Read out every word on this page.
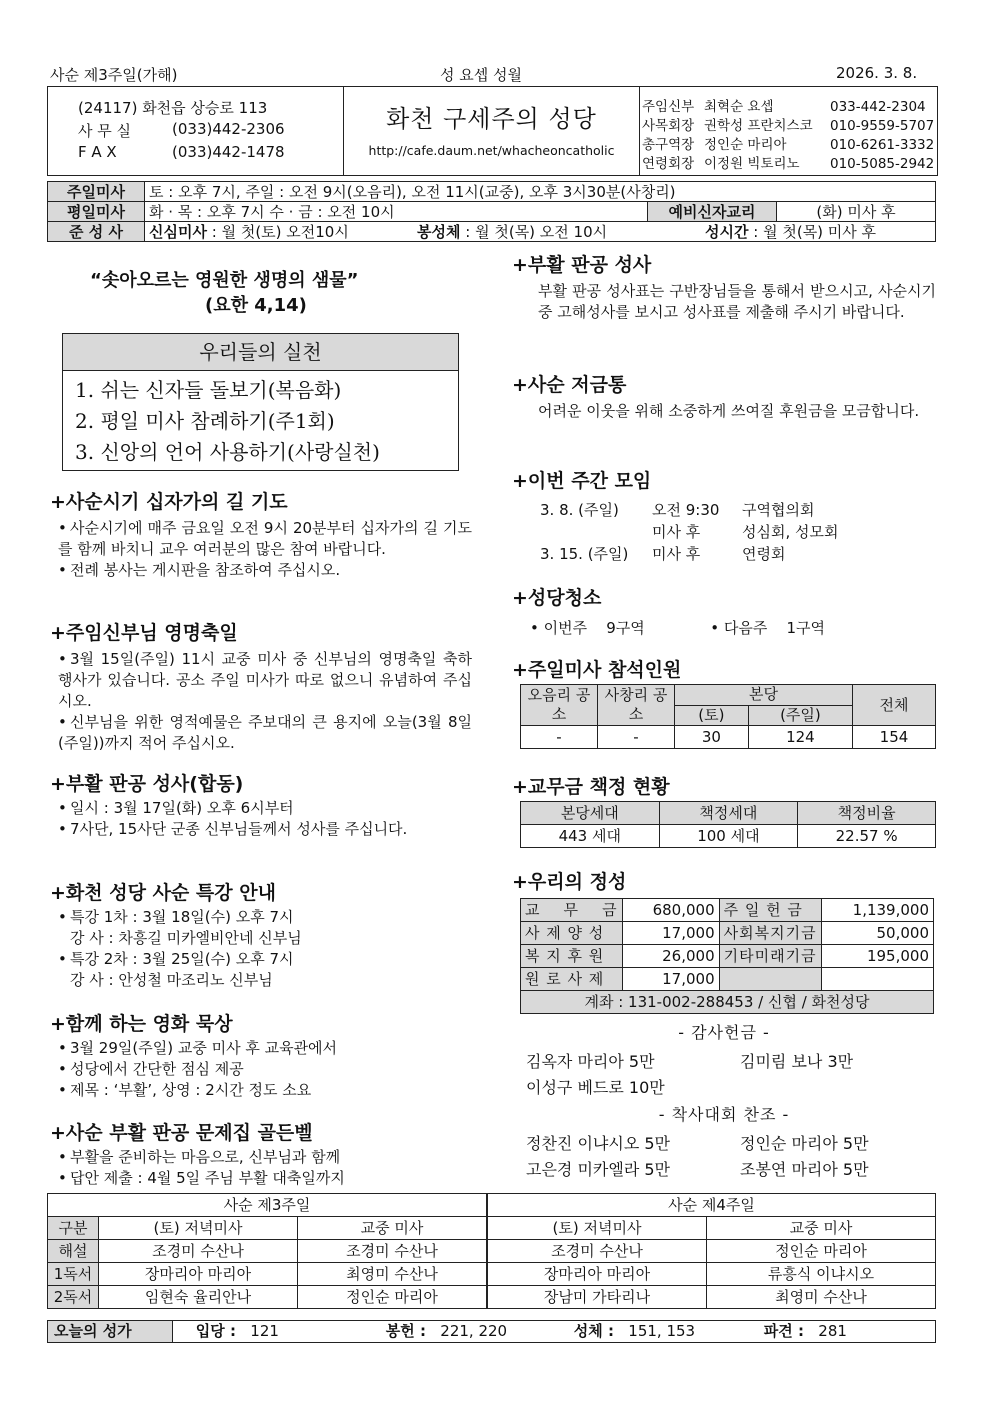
사순 제3주일(가해)	성 요셉 성월	2026. 3. 8.
(24117) 화천읍 상승로 113
사 무 실	(033)442-2306
F A X	(033)442-1478
화천 구세주의 성당
http://cafe.daum.net/whacheoncatholic
주임신부 최혁순 요셉	033-442-2304
사목회장 권학성 프란치스코 010-9559-5707
총구역장 정인순 마리아	010-6261-3332
연령회장 이정원 빅토리노 010-5085-2942
주일미사	토 : 오후 7시, 주일 : 오전 9시(오음리), 오전 11시(교중), 오후 3시30분(사창리)		
평일미사	화 · 목 : 오후 7시 수 · 금 : 오전 10시	예비신자교리	(화) 미사 후
준 성 사	신심미사 : 월 첫(토) 오전10시 봉성체 : 월 첫(목) 오전 10시 성시간 : 월 첫(목) 미사 후		
“솟아오르는 영원한 생명의 샘물”
(요한 4,14)
우리들의 실천
1. 쉬는 신자들 돌보기(복음화)
2. 평일 미사 참례하기(주1회)
3. 신앙의 언어 사용하기(사랑실천)
+사순시기 십자가의 길 기도
• 사순시기에 매주 금요일 오전 9시 20분부터 십자가의 길 기도를 함께 바치니 교우 여러분의 많은 참여 바랍니다.
• 전례 봉사는 게시판을 참조하여 주십시오.
+주임신부님 영명축일
• 3월 15일(주일) 11시 교중 미사 중 신부님의 영명축일 축하 행사가 있습니다. 공소 주일 미사가 따로 없으니 유념하여 주십시오.
• 신부님을 위한 영적예물은 주보대의 큰 용지에 오늘(3월 8일(주일))까지 적어 주십시오.
+부활 판공 성사(합동)
• 일시 : 3월 17일(화) 오후 6시부터
• 7사단, 15사단 군종 신부님들께서 성사를 주십니다.
+화천 성당 사순 특강 안내
• 특강 1차 : 3월 18일(수) 오후 7시
강 사 : 차흥길 미카엘비안네 신부님
• 특강 2차 : 3월 25일(수) 오후 7시
강 사 : 안성철 마조리노 신부님
+함께 하는 영화 묵상
• 3월 29일(주일) 교중 미사 후 교육관에서
• 성당에서 간단한 점심 제공
• 제목 : ‘부활’, 상영 : 2시간 정도 소요
+사순 부활 판공 문제집 골든벨
• 부활을 준비하는 마음으로, 신부님과 함께
• 답안 제출 : 4월 5일 주님 부활 대축일까지
+부활 판공 성사
부활 판공 성사표는 구반장님들을 통해서 받으시고, 사순시기 중 고해성사를 보시고 성사표를 제출해 주시기 바랍니다.
+사순 저금통
어려운 이웃을 위해 소중하게 쓰여질 후원금을 모금합니다.
+이번 주간 모임
3. 8. (주일) 오전 9:30 구역협의회
미사 후	성심회, 성모회
3. 15. (주일) 미사 후	연령회
+성당청소
• 이번주 9구역	• 다음주 1구역
+주일미사 참석인원
오음리 공소	사창리 공소	본당		전체
		(토)	(주일)	
-	-	30	124	154
+교무금 책정 현황
본당세대	책정세대	책정비율
443 세대	100 세대	22.57 %
+우리의 정성
교    무    금	680,000	주 일 헌 금	1,139,000
사 제 양 성	17,000	사회복지기금	50,000
복 지 후 원	26,000	기타미래기금	195,000
원 로 사 제	17,000		
계좌 : 131-002-288453 / 신협 / 화천성당			
- 감사헌금 -
김옥자 마리아 5만	김미림 보나 3만
이성구 베드로 10만
- 착사대회 찬조 -
정찬진 이냐시오 5만	정인순 마리아 5만
고은경 미카엘라 5만	조봉연 마리아 5만
사순 제3주일			사순 제4주일	
구분	(토) 저녁미사	교중 미사	(토) 저녁미사	교중 미사
해설	조경미 수산나	조경미 수산나	조경미 수산나	정인순 마리아
1독서	장마리아 마리아	최영미 수산나	장마리아 마리아	류흥식 이냐시오
2독서	임현숙 율리안나	정인순 마리아	장남미 가타리나	최영미 수산나
오늘의 성가	입당 : 121	봉헌 : 221, 220	성체 : 151, 153	파견 : 281
